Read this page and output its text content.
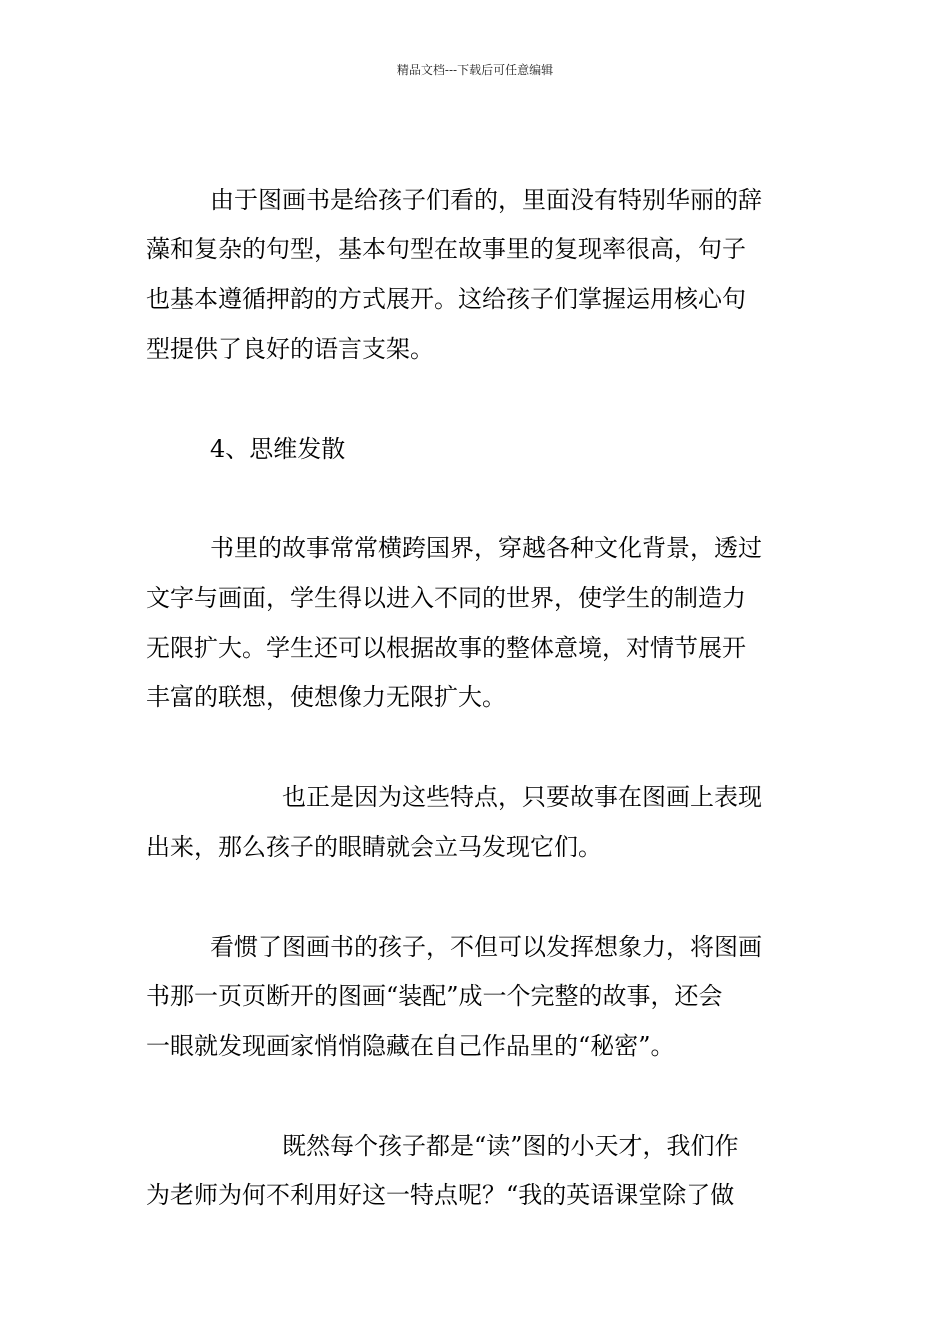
精品文档---下载后可任意编辑
由于图画书是给孩子们看的，里面没有特别华丽的辞
藻和复杂的句型，基本句型在故事里的复现率很高，句子
也基本遵循押韵的方式展开。这给孩子们掌握运用核心句
型提供了良好的语言支架。
4、思维发散
书里的故事常常横跨国界，穿越各种文化背景，透过
文字与画面，学生得以进入不同的世界，使学生的制造力
无限扩大。学生还可以根据故事的整体意境，对情节展开
丰富的联想，使想像力无限扩大。
也正是因为这些特点，只要故事在图画上表现
出来，那么孩子的眼睛就会立马发现它们。
看惯了图画书的孩子，不但可以发挥想象力，将图画
书那一页页断开的图画“装配”成一个完整的故事，还会
一眼就发现画家悄悄隐藏在自己作品里的“秘密”。
既然每个孩子都是“读”图的小天才，我们作
为老师为何不利用好这一特点呢？“我的英语课堂除了做
